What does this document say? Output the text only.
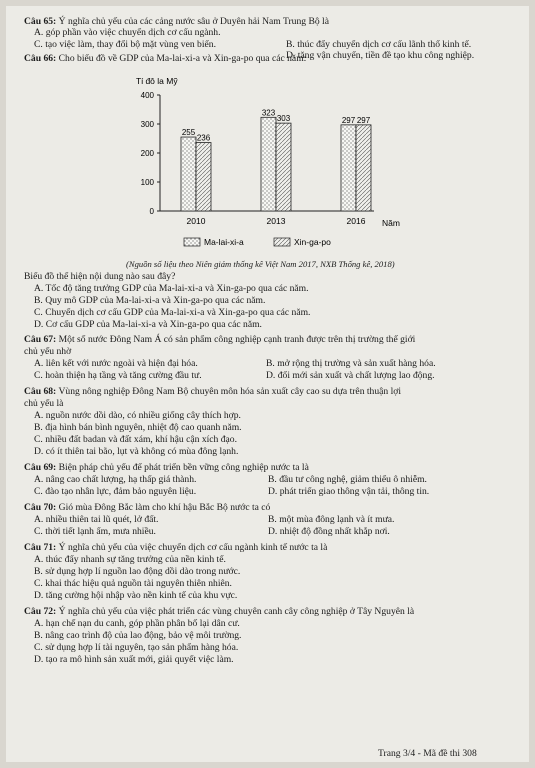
Câu 65: Ý nghĩa chủ yếu của các cảng nước sâu ở Duyên hải Nam Trung Bộ là
A. góp phần vào việc chuyển dịch cơ cấu ngành.
C. tạo việc làm, thay đổi bộ mặt vùng ven biển.	B. thúc đẩy chuyển dịch cơ cấu lãnh thổ kinh tế.
D. tăng vận chuyển, tiền đề tạo khu công nghiệp.
Câu 66: Cho biểu đồ về GDP của Ma-lai-xi-a và Xin-ga-po qua các năm:
Tỉ đô la Mỹ
0
100
200
300
400
255
236
323
303	297 297
2010	2013	2016 Năm
Ma-lai-xi-a	Xin-ga-po
(Nguồn số liệu theo Niên giám thống kê Việt Nam 2017, NXB Thống kê, 2018)
Biểu đồ thể hiện nội dung nào sau đây?
A. Tốc độ tăng trưởng GDP của Ma-lai-xi-a và Xin-ga-po qua các năm.
B. Quy mô GDP của Ma-lai-xi-a và Xin-ga-po qua các năm.
C. Chuyển dịch cơ cấu GDP của Ma-lai-xi-a và Xin-ga-po qua các năm.
D. Cơ cấu GDP của Ma-lai-xi-a và Xin-ga-po qua các năm.
Câu 67: Một số nước Đông Nam Á có sản phẩm công nghiệp cạnh tranh được trên thị trường thế giới
chủ yếu nhờ
A. liên kết với nước ngoài và hiện đại hóa.	B. mở rộng thị trường và sản xuất hàng hóa.
C. hoàn thiện hạ tầng và tăng cường đầu tư.	D. đổi mới sản xuất và chất lượng lao động.
Câu 68: Vùng nông nghiệp Đông Nam Bộ chuyên môn hóa sản xuất cây cao su dựa trên thuận lợi
chủ yếu là
A. nguồn nước dồi dào, có nhiều giống cây thích hợp.
B. địa hình bán bình nguyên, nhiệt độ cao quanh năm.
C. nhiều đất badan và đất xám, khí hậu cận xích đạo.
D. có ít thiên tai bão, lụt và không có mùa đông lạnh.
Câu 69: Biện pháp chủ yếu để phát triển bền vững công nghiệp nước ta là
A. nâng cao chất lượng, hạ thấp giá thành.	B. đầu tư công nghệ, giảm thiểu ô nhiễm.
C. đào tạo nhân lực, đảm bảo nguyên liệu.	D. phát triển giao thông vận tải, thông tin.
Câu 70: Gió mùa Đông Bắc làm cho khí hậu Bắc Bộ nước ta có
A. nhiều thiên tai lũ quét, lở đất.	B. một mùa đông lạnh và ít mưa.
C. thời tiết lạnh ẩm, mưa nhiều.	D. nhiệt độ đồng nhất khắp nơi.
Câu 71: Ý nghĩa chủ yếu của việc chuyển dịch cơ cấu ngành kinh tế nước ta là
A. thúc đẩy nhanh sự tăng trưởng của nền kinh tế.
B. sử dụng hợp lí nguồn lao động dồi dào trong nước.
C. khai thác hiệu quả nguồn tài nguyên thiên nhiên.
D. tăng cường hội nhập vào nền kinh tế của khu vực.
Câu 72: Ý nghĩa chủ yếu của việc phát triển các vùng chuyên canh cây công nghiệp ở Tây Nguyên là
A. hạn chế nạn du canh, góp phần phân bố lại dân cư.
B. nâng cao trình độ của lao động, bảo vệ môi trường.
C. sử dụng hợp lí tài nguyên, tạo sản phẩm hàng hóa.
D. tạo ra mô hình sản xuất mới, giải quyết việc làm.
Trang 3/4 - Mã đề thi 308
